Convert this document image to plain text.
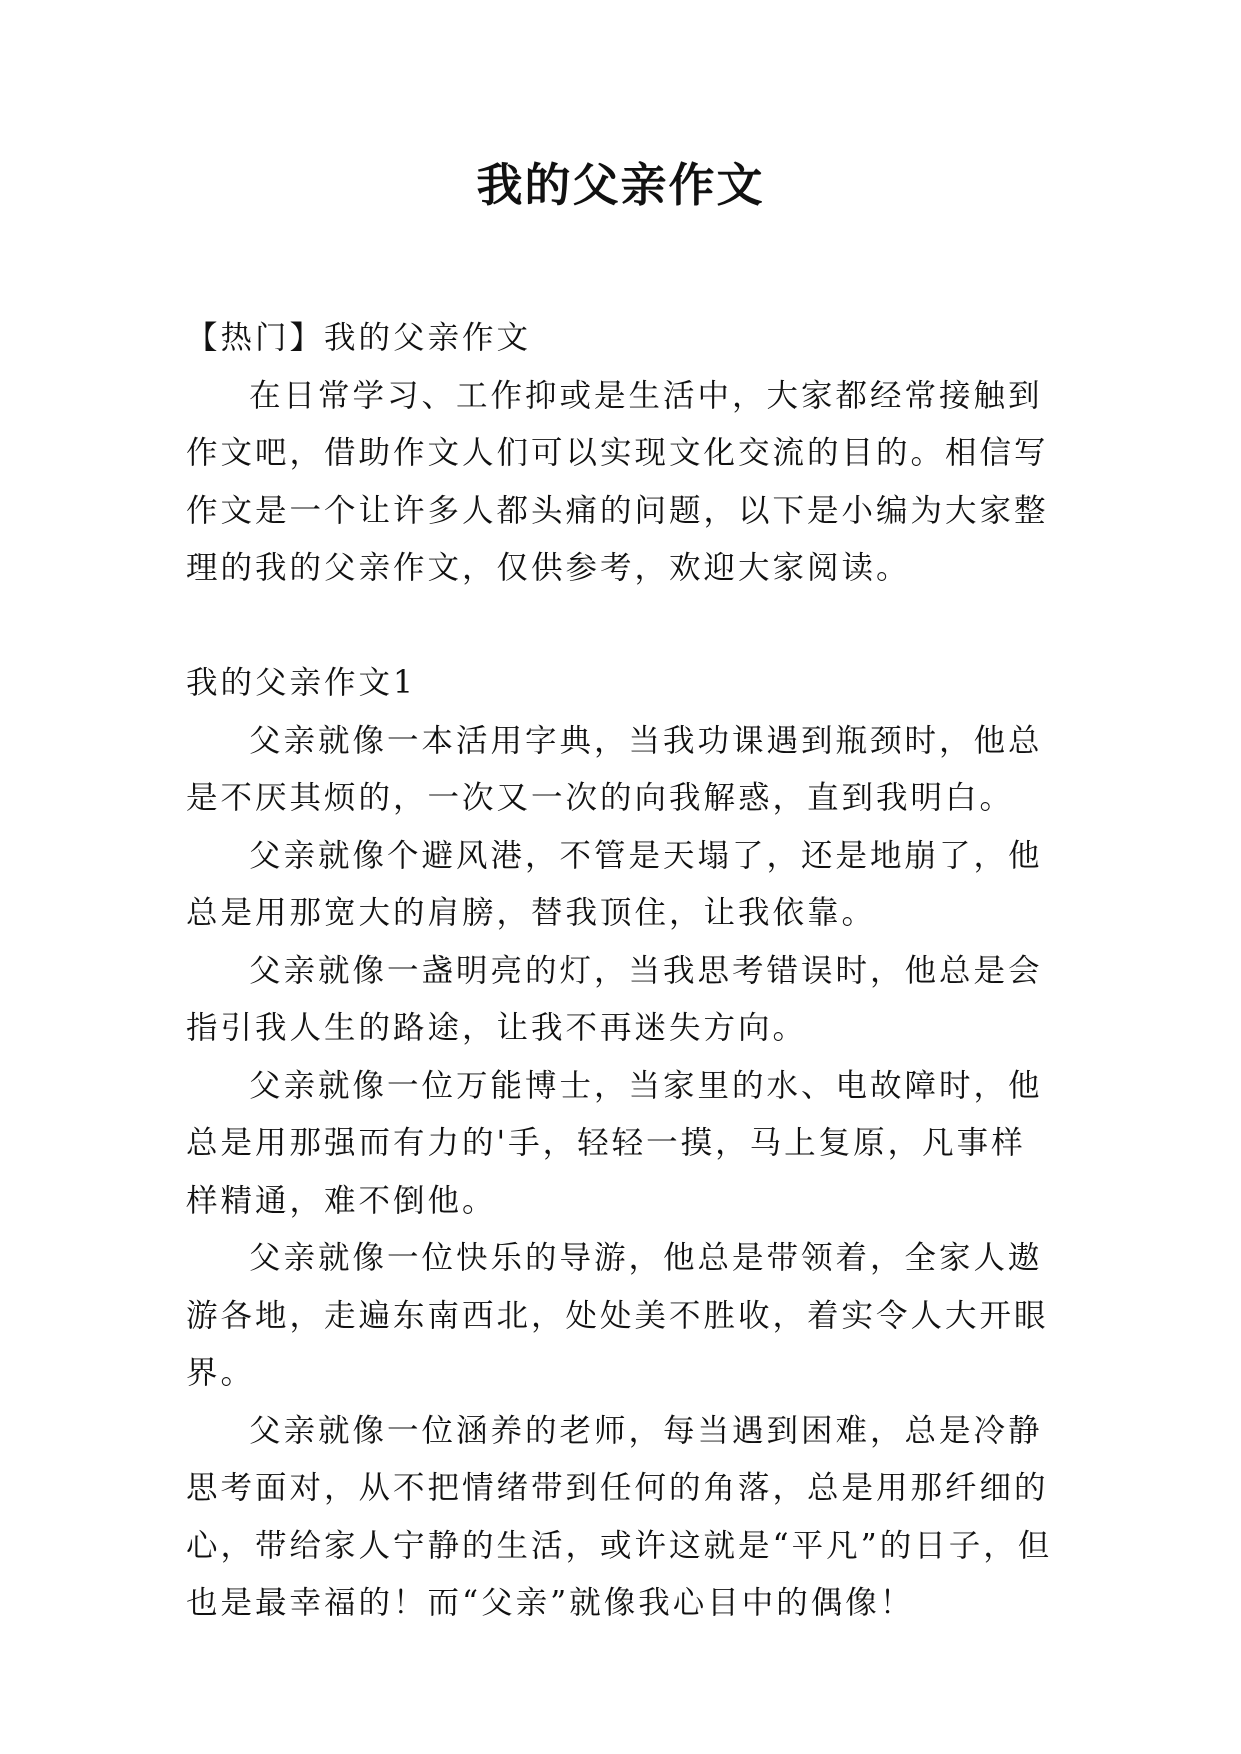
我的父亲作文

【热门】我的父亲作文

在日常学习、工作抑或是生活中，大家都经常接触到作文吧，借助作文人们可以实现文化交流的目的。相信写作文是一个让许多人都头痛的问题，以下是小编为大家整理的我的父亲作文，仅供参考，欢迎大家阅读。

我的父亲作文1

父亲就像一本活用字典，当我功课遇到瓶颈时，他总是不厌其烦的，一次又一次的向我解惑，直到我明白。

父亲就像个避风港，不管是天塌了，还是地崩了，他总是用那宽大的肩膀，替我顶住，让我依靠。

父亲就像一盏明亮的灯，当我思考错误时，他总是会指引我人生的路途，让我不再迷失方向。

父亲就像一位万能博士，当家里的水、电故障时，他总是用那强而有力的'手，轻轻一摸，马上复原，凡事样样精通，难不倒他。

父亲就像一位快乐的导游，他总是带领着，全家人遨游各地，走遍东南西北，处处美不胜收，着实令人大开眼界。

父亲就像一位涵养的老师，每当遇到困难，总是冷静思考面对，从不把情绪带到任何的角落，总是用那纤细的心，带给家人宁静的生活，或许这就是“平凡”的日子，但也是最幸福的！而“父亲”就像我心目中的偶像！
